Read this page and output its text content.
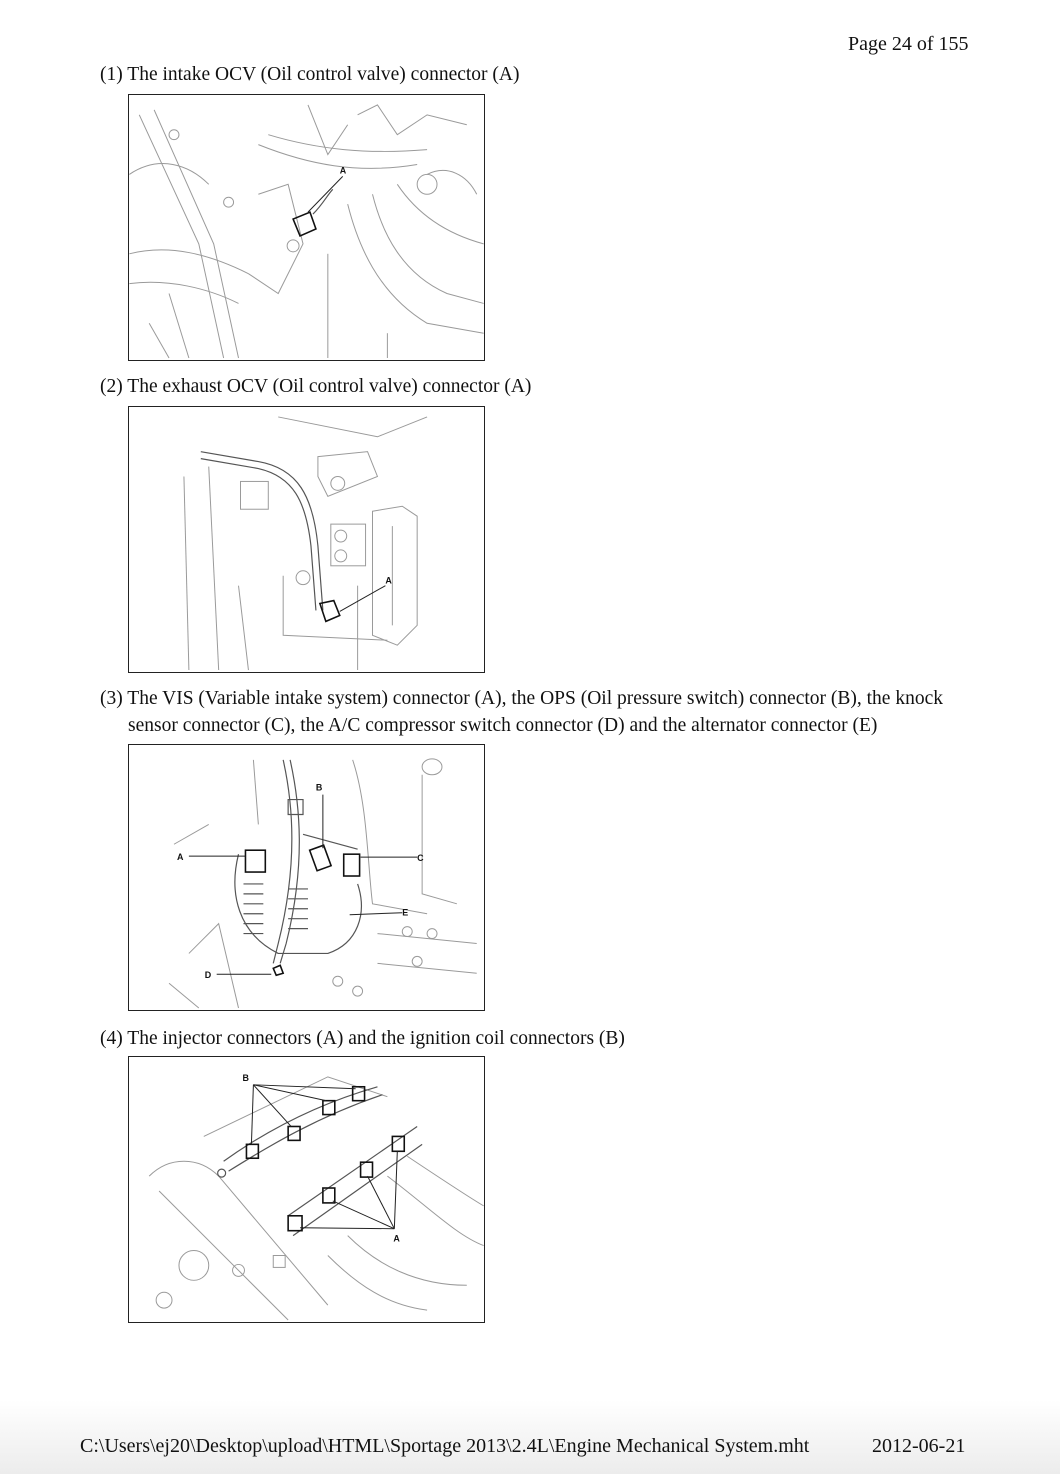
Page 24 of 155
(1) The intake OCV (Oil control valve) connector (A)
A
(2) The exhaust OCV (Oil control valve) connector (A)
A
(3) The VIS (Variable intake system) connector (A), the OPS (Oil pressure switch) connector (B), the knock
sensor connector (C), the A/C compressor switch connector (D) and the alternator connector (E)
A
B
C
D
E
(4) The injector connectors (A) and the ignition coil connectors (B)
B
A
C:\Users\ej20\Desktop\upload\HTML\Sportage 2013\2.4L\Engine Mechanical System.mht	2012-06-21
